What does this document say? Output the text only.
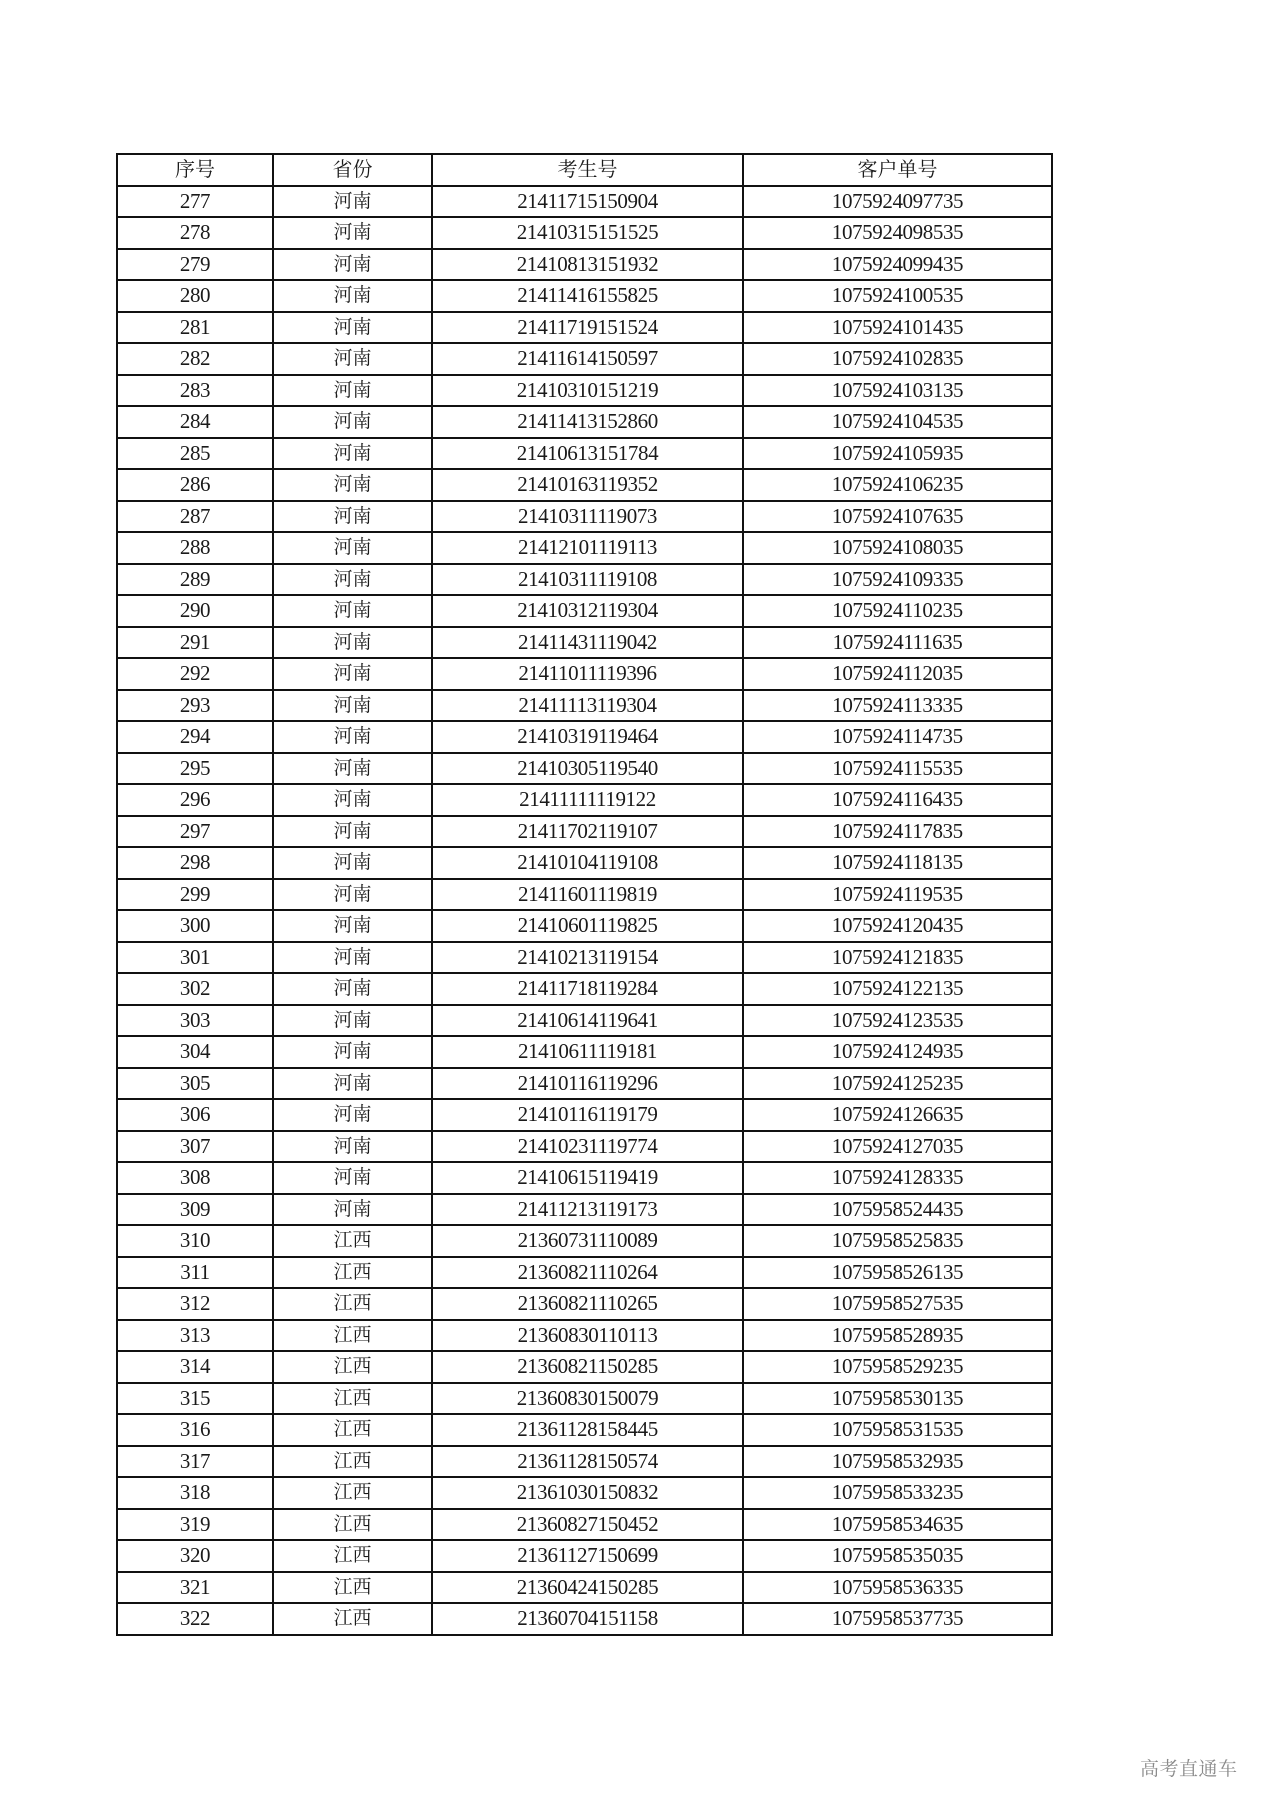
序号	省份	考生号	客户单号
277	河南	21411715150904	1075924097735
278	河南	21410315151525	1075924098535
279	河南	21410813151932	1075924099435
280	河南	21411416155825	1075924100535
281	河南	21411719151524	1075924101435
282	河南	21411614150597	1075924102835
283	河南	21410310151219	1075924103135
284	河南	21411413152860	1075924104535
285	河南	21410613151784	1075924105935
286	河南	21410163119352	1075924106235
287	河南	21410311119073	1075924107635
288	河南	21412101119113	1075924108035
289	河南	21410311119108	1075924109335
290	河南	21410312119304	1075924110235
291	河南	21411431119042	1075924111635
292	河南	21411011119396	1075924112035
293	河南	21411113119304	1075924113335
294	河南	21410319119464	1075924114735
295	河南	21410305119540	1075924115535
296	河南	21411111119122	1075924116435
297	河南	21411702119107	1075924117835
298	河南	21410104119108	1075924118135
299	河南	21411601119819	1075924119535
300	河南	21410601119825	1075924120435
301	河南	21410213119154	1075924121835
302	河南	21411718119284	1075924122135
303	河南	21410614119641	1075924123535
304	河南	21410611119181	1075924124935
305	河南	21410116119296	1075924125235
306	河南	21410116119179	1075924126635
307	河南	21410231119774	1075924127035
308	河南	21410615119419	1075924128335
309	河南	21411213119173	1075958524435
310	江西	21360731110089	1075958525835
311	江西	21360821110264	1075958526135
312	江西	21360821110265	1075958527535
313	江西	21360830110113	1075958528935
314	江西	21360821150285	1075958529235
315	江西	21360830150079	1075958530135
316	江西	21361128158445	1075958531535
317	江西	21361128150574	1075958532935
318	江西	21361030150832	1075958533235
319	江西	21360827150452	1075958534635
320	江西	21361127150699	1075958535035
321	江西	21360424150285	1075958536335
322	江西	21360704151158	1075958537735
高考直通车
